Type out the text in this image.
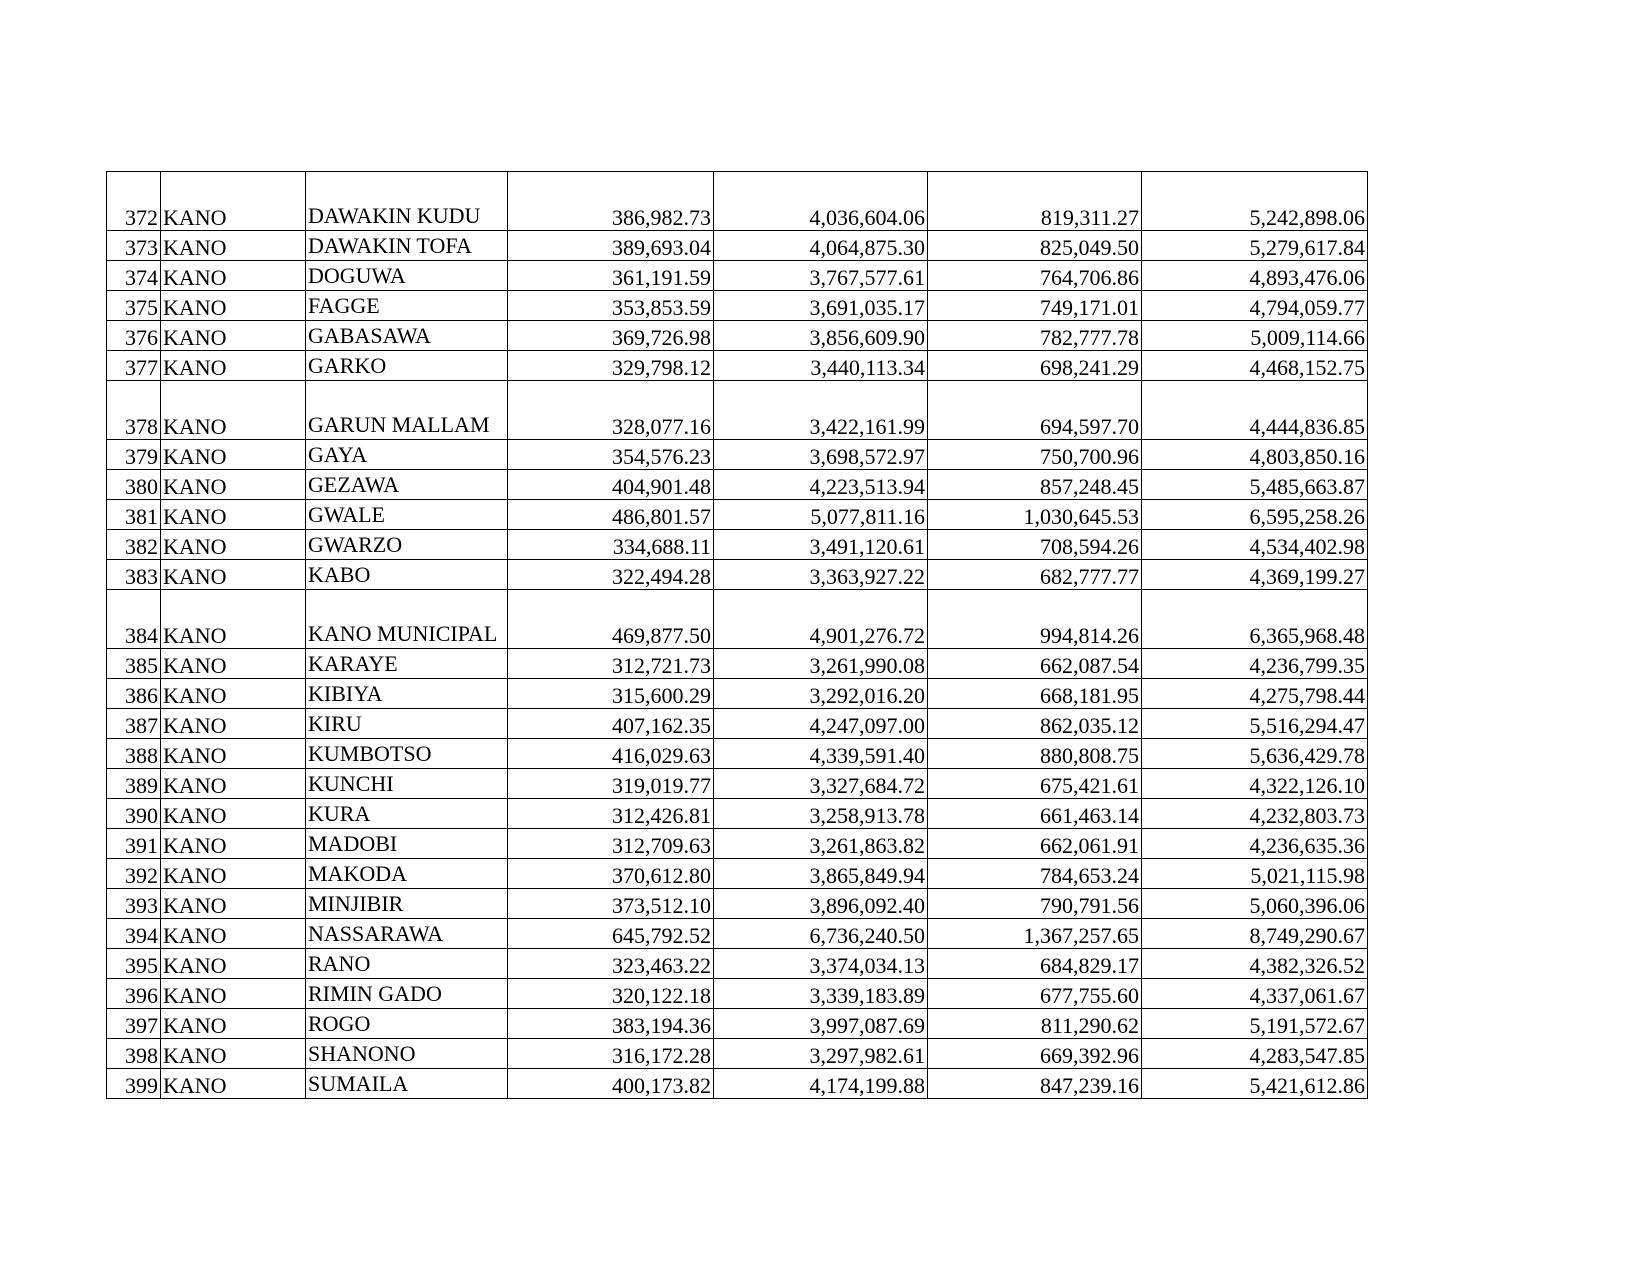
372	KANO	DAWAKIN KUDU	386,982.73	4,036,604.06	819,311.27	5,242,898.06
373	KANO	DAWAKIN TOFA	389,693.04	4,064,875.30	825,049.50	5,279,617.84
374	KANO	DOGUWA	361,191.59	3,767,577.61	764,706.86	4,893,476.06
375	KANO	FAGGE	353,853.59	3,691,035.17	749,171.01	4,794,059.77
376	KANO	GABASAWA	369,726.98	3,856,609.90	782,777.78	5,009,114.66
377	KANO	GARKO	329,798.12	3,440,113.34	698,241.29	4,468,152.75
378	KANO	GARUN MALLAM	328,077.16	3,422,161.99	694,597.70	4,444,836.85
379	KANO	GAYA	354,576.23	3,698,572.97	750,700.96	4,803,850.16
380	KANO	GEZAWA	404,901.48	4,223,513.94	857,248.45	5,485,663.87
381	KANO	GWALE	486,801.57	5,077,811.16	1,030,645.53	6,595,258.26
382	KANO	GWARZO	334,688.11	3,491,120.61	708,594.26	4,534,402.98
383	KANO	KABO	322,494.28	3,363,927.22	682,777.77	4,369,199.27
384	KANO	KANO MUNICIPAL	469,877.50	4,901,276.72	994,814.26	6,365,968.48
385	KANO	KARAYE	312,721.73	3,261,990.08	662,087.54	4,236,799.35
386	KANO	KIBIYA	315,600.29	3,292,016.20	668,181.95	4,275,798.44
387	KANO	KIRU	407,162.35	4,247,097.00	862,035.12	5,516,294.47
388	KANO	KUMBOTSO	416,029.63	4,339,591.40	880,808.75	5,636,429.78
389	KANO	KUNCHI	319,019.77	3,327,684.72	675,421.61	4,322,126.10
390	KANO	KURA	312,426.81	3,258,913.78	661,463.14	4,232,803.73
391	KANO	MADOBI	312,709.63	3,261,863.82	662,061.91	4,236,635.36
392	KANO	MAKODA	370,612.80	3,865,849.94	784,653.24	5,021,115.98
393	KANO	MINJIBIR	373,512.10	3,896,092.40	790,791.56	5,060,396.06
394	KANO	NASSARAWA	645,792.52	6,736,240.50	1,367,257.65	8,749,290.67
395	KANO	RANO	323,463.22	3,374,034.13	684,829.17	4,382,326.52
396	KANO	RIMIN GADO	320,122.18	3,339,183.89	677,755.60	4,337,061.67
397	KANO	ROGO	383,194.36	3,997,087.69	811,290.62	5,191,572.67
398	KANO	SHANONO	316,172.28	3,297,982.61	669,392.96	4,283,547.85
399	KANO	SUMAILA	400,173.82	4,174,199.88	847,239.16	5,421,612.86
